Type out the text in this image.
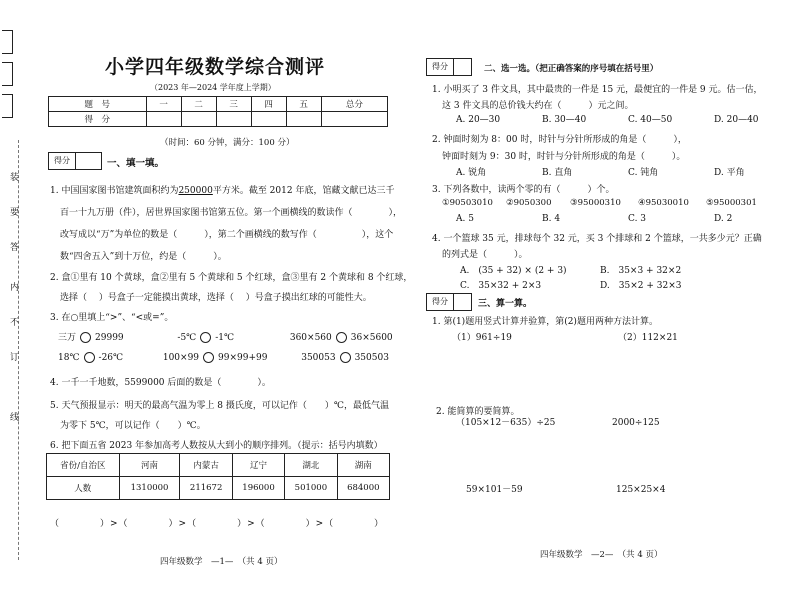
装
要
答
内
不
订
线
小学四年级数学综合测评
（2023 年—2024 学年度上学期）
题　号	一	二	三	四	五	总分
得　分						
（时间：60 分钟，满分：100 分）
得分	一、填一填。
1. 中国国家图书馆建筑面积约为250000平方米。截至 2012 年底，馆藏文献已达三千
百一十九万册（件），居世界国家图书馆第五位。第一个画横线的数读作（　　　　），
改写成以“万”为单位的数是（　　　），第二个画横线的数写作（　　　　　），这个
数“四舍五入”到十万位，约是（　　　）。
2. 盒①里有 10 个黄球，盒②里有 5 个黄球和 5 个红球，盒③里有 2 个黄球和 8 个红球，
选择（　 ）号盒子一定能摸出黄球，选择（　 ）号盒子摸出红球的可能性大。
3. 在○里填上“>”、“<或=”。
三万 29999	-5℃ -1℃	360×560 36×5600
18℃ -26℃	100×99 99×99+99	350053 350503
4. 一千一千地数，5599000 后面的数是（　　　　）。
5. 天气预报显示：明天的最高气温为零上 8 摄氏度，可以记作（　　）℃，最低气温
为零下 5℃，可以记作（　　）℃。
6. 把下面五省 2023 年参加高考人数按从大到小的顺序排列。（提示：括号内填数）
省份/自治区	河南	内蒙古	辽宁	湖北	湖南
人数	1310000	211672	196000	501000	684000
（　　　　）>（　　　　）>（　　　　）>（　　　　）>（　　　　）
四年级数学　—1—　（共 4 页）
得分	二、选一选。（把正确答案的序号填在括号里）
1. 小明买了 3 件文具，其中最贵的一件是 15 元，最便宜的一件是 9 元。估一估，
这 3 件文具的总价钱大约在（　　　）元之间。
A. 20—30	B. 30—40	C. 40—50	D. 20—40
2. 钟面时刻为 8：00 时，时针与分针所形成的角是（　　　），
钟面时刻为 9：30 时，时针与分针所形成的角是（　　　）。
A. 锐角	B. 直角	C. 钝角	D. 平角
3. 下列各数中，读两个零的有（　　　）个。
①90503010 ②9050300 ③95000310 ④95030010 ⑤95000301
A. 5	B. 4	C. 3	D. 2
4. 一个篮球 35 元，排球每个 32 元，买 3 个排球和 2 个篮球，一共多少元？正确
的列式是（　　　）。
A.　(35 + 32) × (2 + 3)	B.　35×3 + 32×2
C.　35×32 + 2×3	D.　35×2 + 32×3
得分	三、算一算。
1. 第(1)题用竖式计算并验算，第(2)题用两种方法计算。
（1）961÷19	（2）112×21
2. 能简算的要简算。
（105×12－635）÷25	2000÷125
59×101－59	125×25×4
四年级数学　—2—　（共 4 页）
